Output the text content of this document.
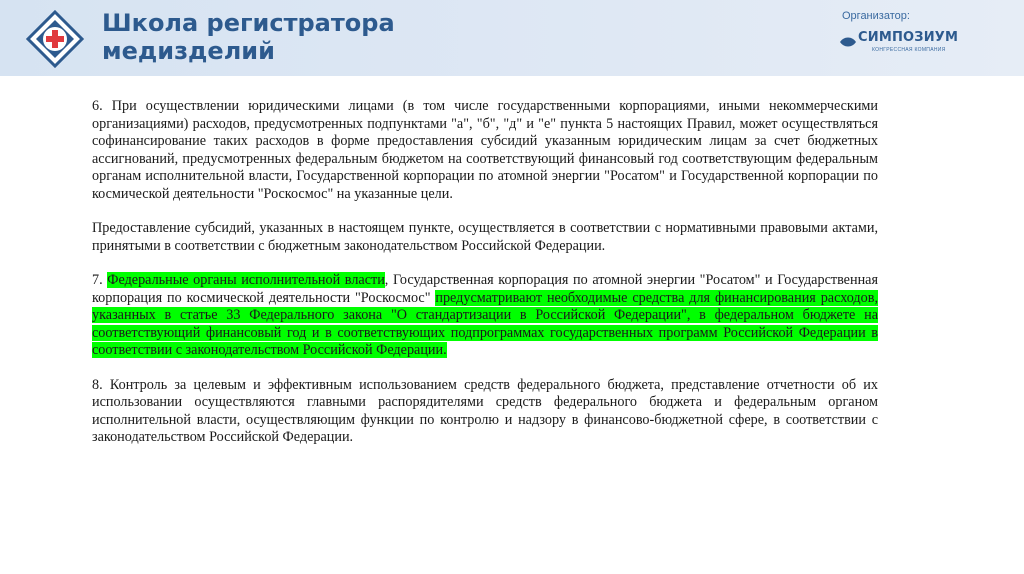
Школа регистратора
медизделий
Организатор:
СИМПОЗИУМ
КОНГРЕССНАЯ КОМПАНИЯ

6. При осуществлении юридическими лицами (в том числе государственными корпорациями, иными некоммерческими организациями) расходов, предусмотренных подпунктами "а", "б", "д" и "е" пункта 5 настоящих Правил, может осуществляться софинансирование таких расходов в форме предоставления субсидий указанным юридическим лицам за счет бюджетных ассигнований, предусмотренных федеральным бюджетом на соответствующий финансовый год соответствующим федеральным органам исполнительной власти, Государственной корпорации по атомной энергии "Росатом" и Государственной корпорации по космической деятельности "Роскосмос" на указанные цели.

Предоставление субсидий, указанных в настоящем пункте, осуществляется в соответствии с нормативными правовыми актами, принятыми в соответствии с бюджетным законодательством Российской Федерации.

7. Федеральные органы исполнительной власти, Государственная корпорация по атомной энергии "Росатом" и Государственная корпорация по космической деятельности "Роскосмос" предусматривают необходимые средства для финансирования расходов, указанных в статье 33 Федерального закона "О стандартизации в Российской Федерации", в федеральном бюджете на соответствующий финансовый год и в соответствующих подпрограммах государственных программ Российской Федерации в соответствии с законодательством Российской Федерации.

8. Контроль за целевым и эффективным использованием средств федерального бюджета, представление отчетности об их использовании осуществляются главными распорядителями средств федерального бюджета и федеральным органом исполнительной власти, осуществляющим функции по контролю и надзору в финансово-бюджетной сфере, в соответствии с законодательством Российской Федерации.
